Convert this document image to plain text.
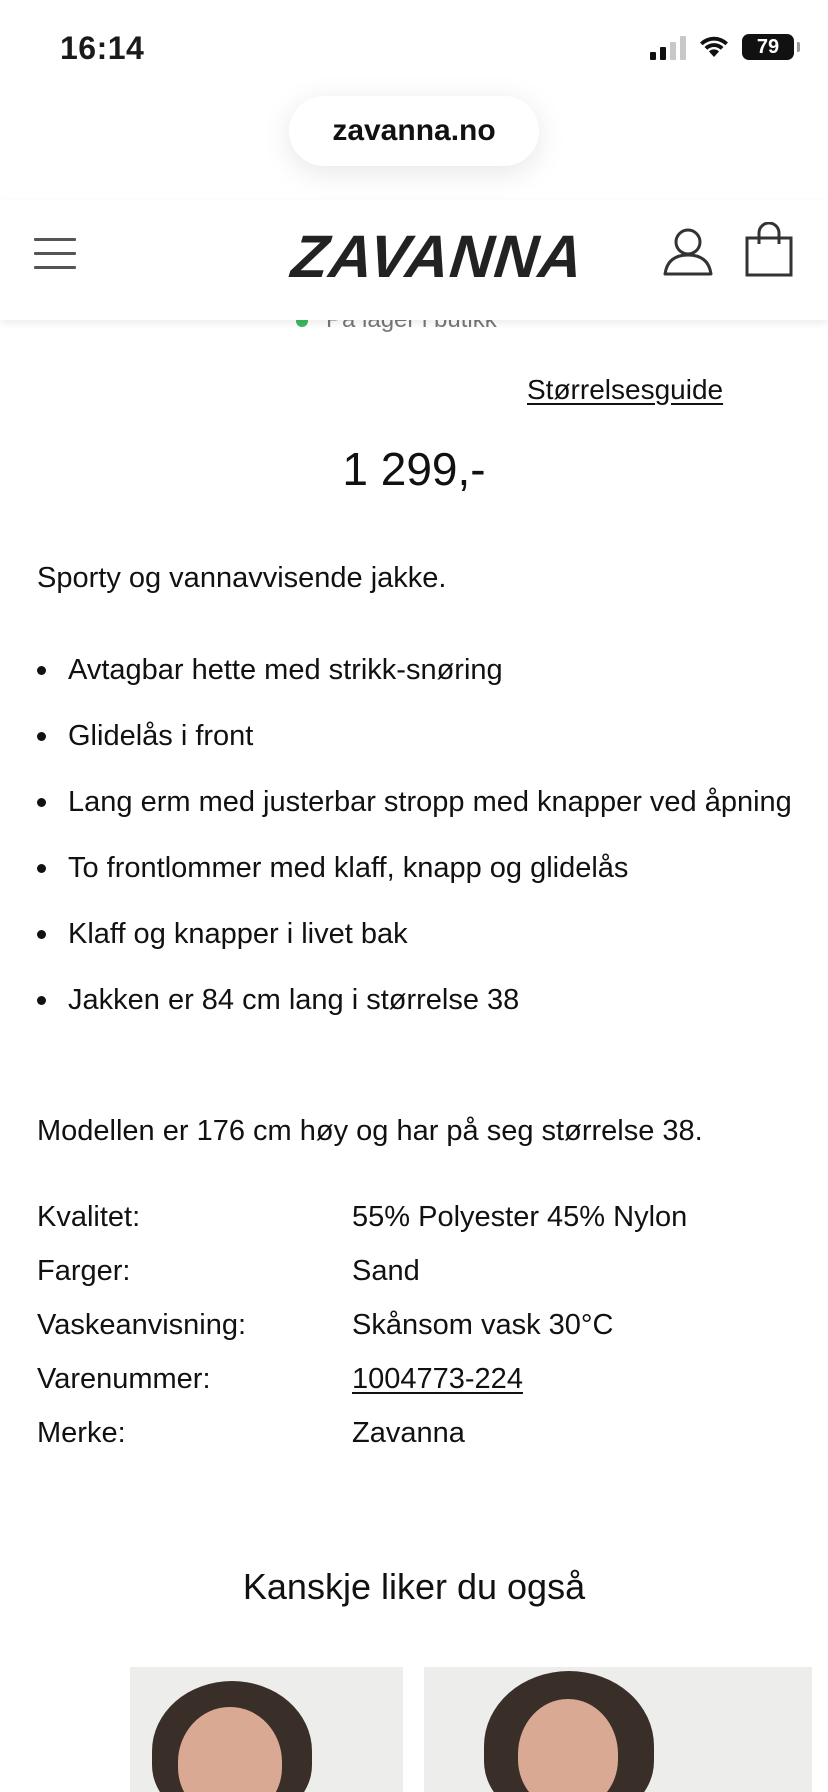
16:14	79
zavanna.no
ZAVANNA
Størrelsesguide
1 299,-
Sporty og vannavvisende jakke.
Avtagbar hette med strikk-snøring
Glidelås i front
Lang erm med justerbar stropp med knapper ved åpning
To frontlommer med klaff, knapp og glidelås
Klaff og knapper i livet bak
Jakken er 84 cm lang i størrelse 38
Modellen er 176 cm høy og har på seg størrelse 38.
Kvalitet:	55% Polyester 45% Nylon
Farger:	Sand
Vaskeanvisning:	Skånsom vask 30°C
Varenummer:	1004773-224
Merke:	Zavanna
Kanskje liker du også
